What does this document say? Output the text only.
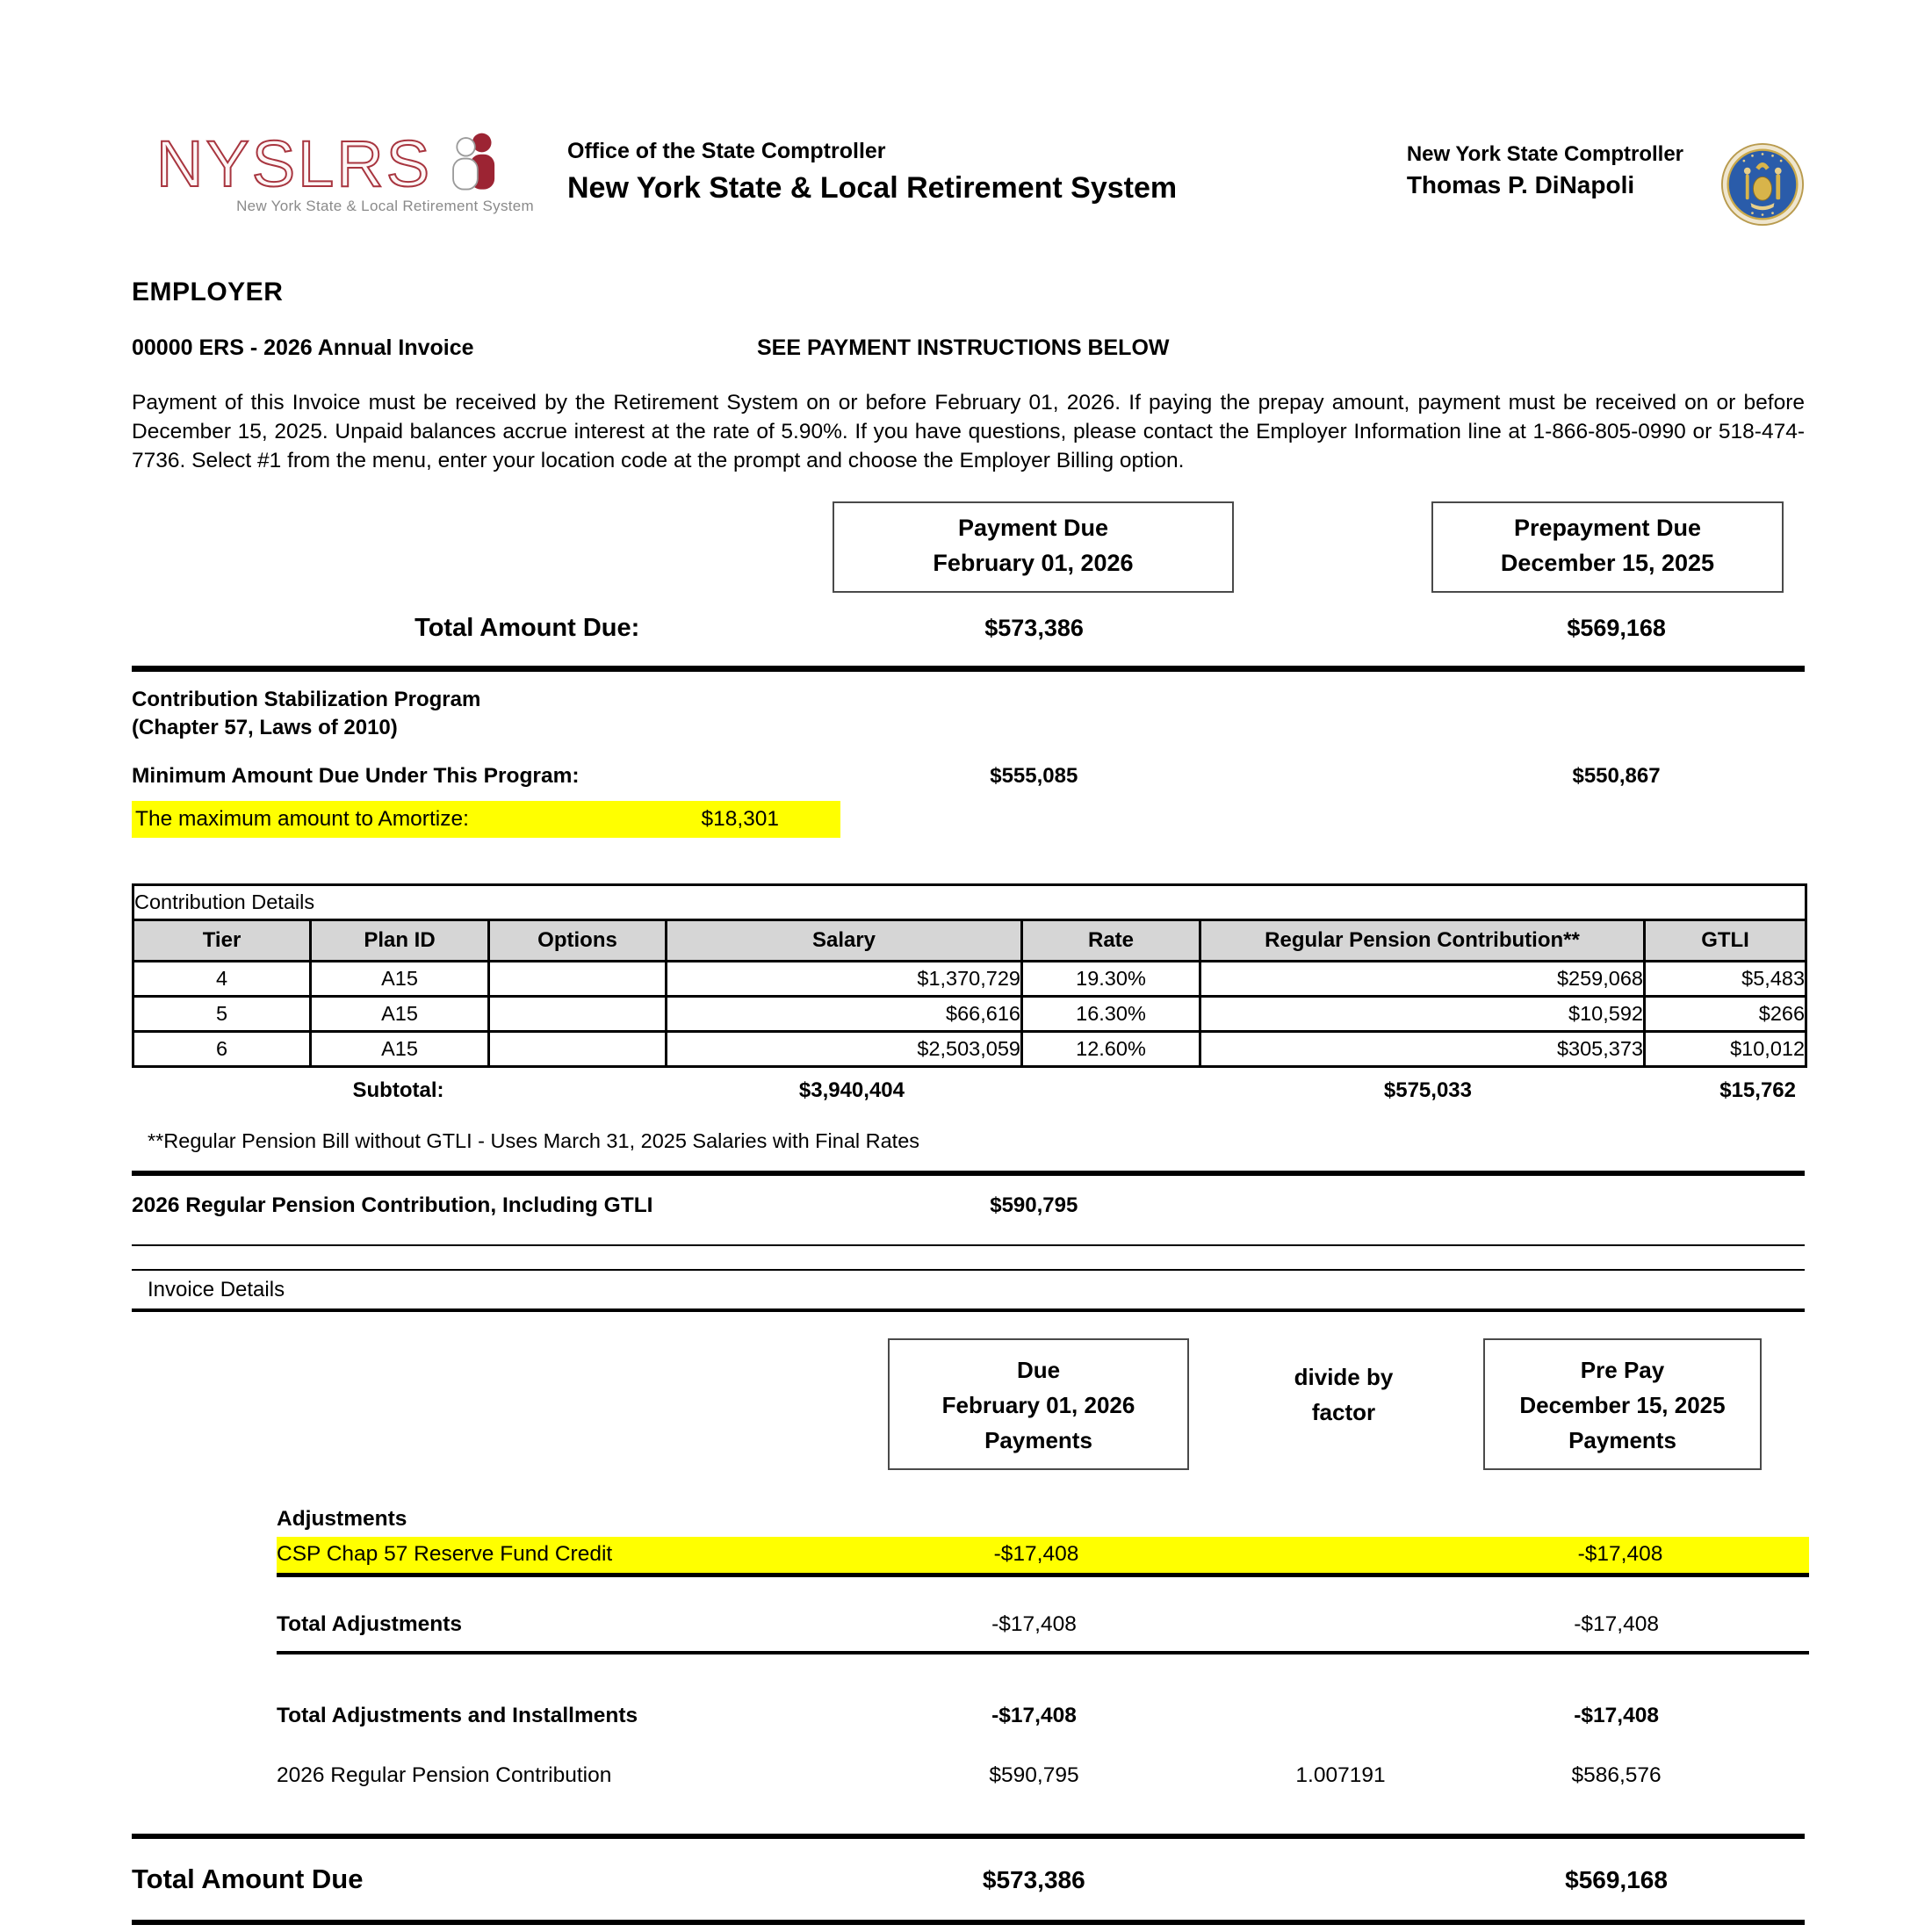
NYSLRS
New York State & Local Retirement System
Office of the State Comptroller
New York State & Local Retirement System
New York State Comptroller
Thomas P. DiNapoli
EMPLOYER
00000 ERS - 2026 Annual Invoice	SEE PAYMENT INSTRUCTIONS BELOW
Payment of this Invoice must be received by the Retirement System on or before February 01, 2026. If paying the prepay amount, payment must be received on or before December 15, 2025. Unpaid balances accrue interest at the rate of 5.90%. If you have questions, please contact the Employer Information line at 1-866-805-0990 or 518-474-7736. Select #1 from the menu, enter your location code at the prompt and choose the Employer Billing option.
Payment Due
February 01, 2026
Prepayment Due
December 15, 2025
Total Amount Due:	$573,386	$569,168
Contribution Stabilization Program
(Chapter 57, Laws of 2010)
Minimum Amount Due Under This Program:	$555,085	$550,867
The maximum amount to Amortize:	$18,301
Contribution Details						
Tier	Plan ID	Options	Salary	Rate	Regular Pension Contribution**	GTLI
4	A15		$1,370,729	19.30%	$259,068	$5,483
5	A15		$66,616	16.30%	$10,592	$266
6	A15		$2,503,059	12.60%	$305,373	$10,012
Subtotal:	$3,940,404	$575,033	$15,762
**Regular Pension Bill without GTLI - Uses March 31, 2025 Salaries with Final Rates
2026 Regular Pension Contribution, Including GTLI	$590,795
Invoice Details
Due
February 01, 2026
Payments
divide by
factor
Pre Pay
December 15, 2025
Payments
Adjustments
CSP Chap 57 Reserve Fund Credit	-$17,408	-$17,408
Total Adjustments	-$17,408	-$17,408
Total Adjustments and Installments	-$17,408	-$17,408
2026 Regular Pension Contribution	$590,795	1.007191	$586,576
Total Amount Due	$573,386	$569,168
